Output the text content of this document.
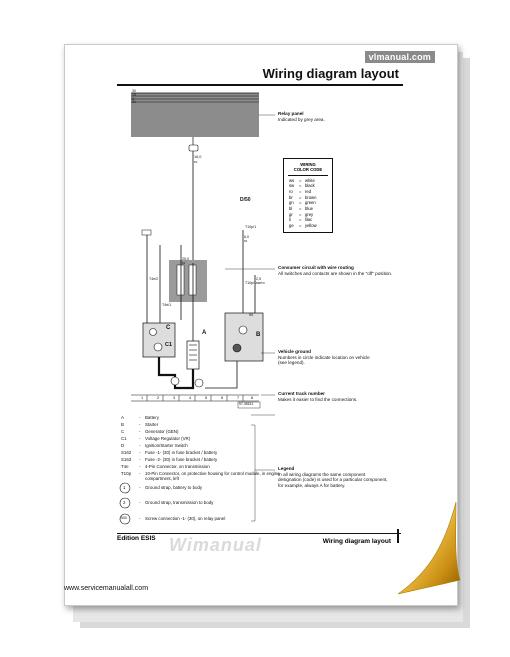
vlmanual.com
Wiring diagram layout
30
15
X
31
16,0
ro
25,0
ro
6,0
ro
2,5
sw/ro
T4e/2
T10p/1
T10p/1
T4e/1
D/50
50
A	B
C
C1
97-38151
1	2	3	4	5	6	7	8
Relay panel
Indicated by grey area.
WIRING
COLOR CODE
ws	= white
sw	= black
ro	= red
br	= brown
gn	= green
bl	= blue
gr	= grey
li	= lilac
ge	= yellow
Consumer circuit with wire routing
All switches and contacts are shown in the "off" position.
Vehicle ground
Numbers in circle indicate location on vehicle (see legend).
Current track number
Makes it easier to find the connections.
Legend
In all wiring diagrams the same component designation (code) is used for a particular component, for example, always A for battery.
A	- Battery
B	- Starter
C	- Generator (GEN)
C1	- Voltage Regulator (VR)
D	- Ignition/Starter Switch
S162 - Fuse -1- (30) in fuse bracket / battery
S163 - Fuse -2- (30) in fuse bracket / battery
T4e - 4-Pin Connector, on transmission
T10p - 10-Pin Connector, on protective housing for control module, in engine compartment, left
1	- Ground strap, battery to body
2	- Ground strap, transmission to body
500	- Screw connection -1- (30), on relay panel
Edition ESIS Wimanual	Wiring diagram layout
www.servicemanualall.com
